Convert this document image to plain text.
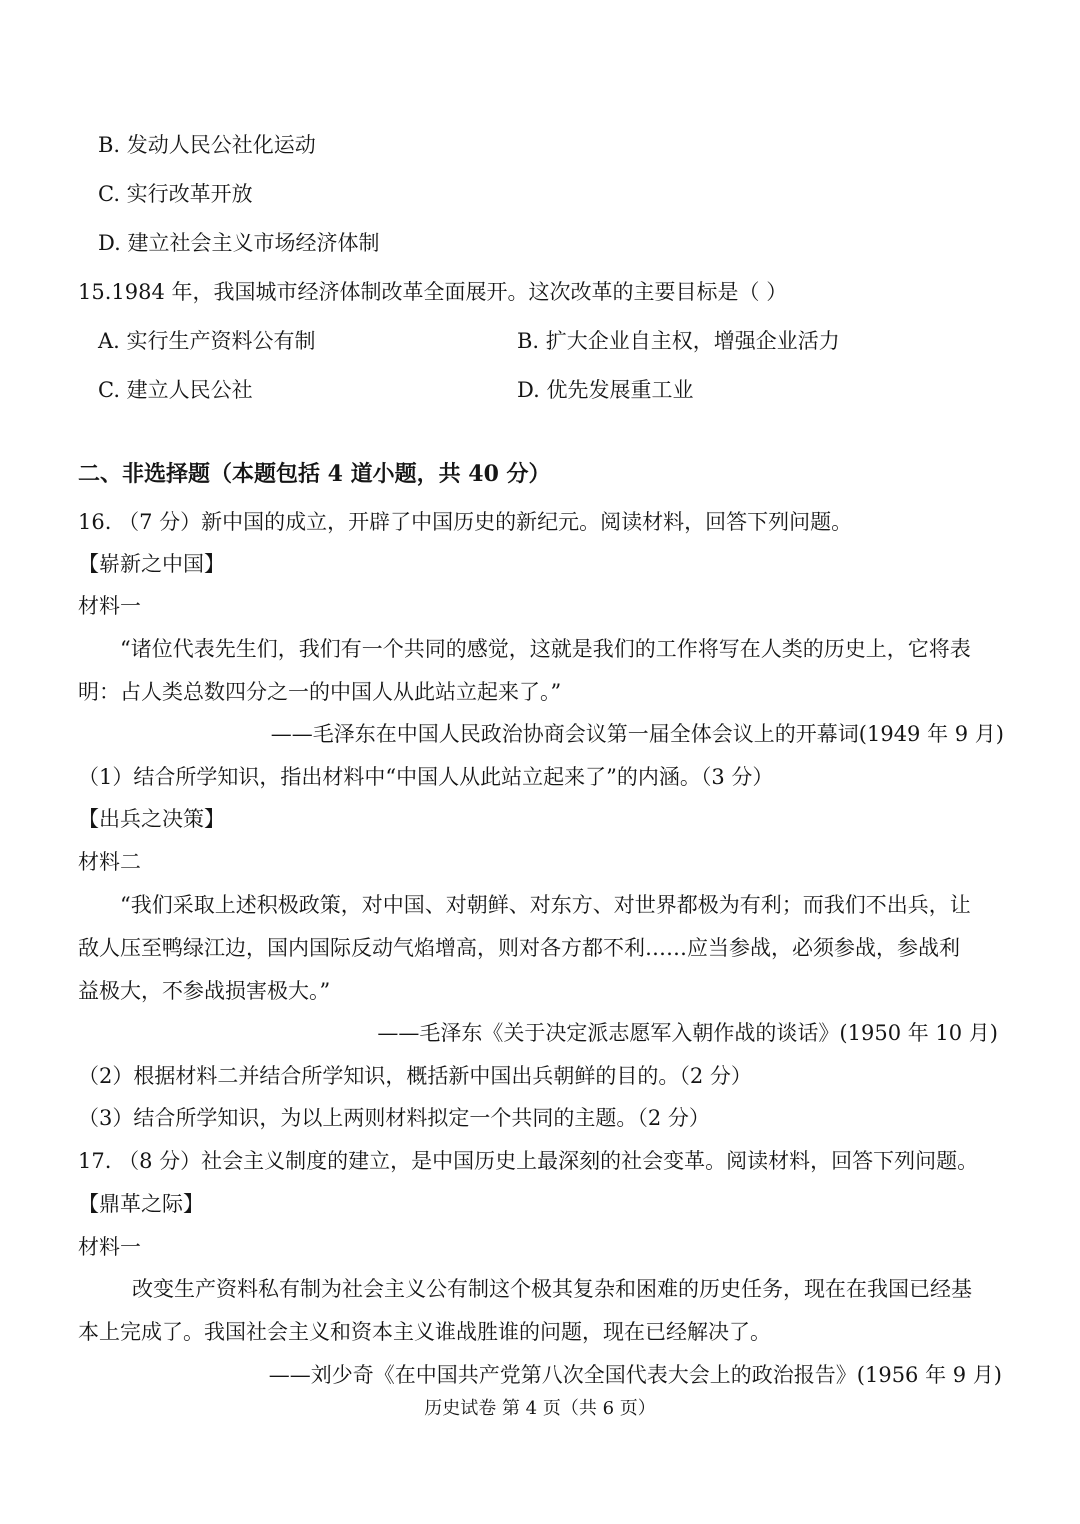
B. 发动人民公社化运动
C. 实行改革开放
D. 建立社会主义市场经济体制
15.1984 年，我国城市经济体制改革全面展开。这次改革的主要目标是（ ）
A. 实行生产资料公有制	B. 扩大企业自主权，增强企业活力
C. 建立人民公社	D. 优先发展重工业
二、非选择题（本题包括 4 道小题，共 40 分）
16. （7 分）新中国的成立，开辟了中国历史的新纪元。阅读材料，回答下列问题。
【崭新之中国】
材料一
“诸位代表先生们，我们有一个共同的感觉，这就是我们的工作将写在人类的历史上，它将表
明：占人类总数四分之一的中国人从此站立起来了。”
——毛泽东在中国人民政治协商会议第一届全体会议上的开幕词(1949 年 9 月)
（1）结合所学知识，指出材料中“中国人从此站立起来了”的内涵。（3 分）
【出兵之决策】
材料二
“我们采取上述积极政策，对中国、对朝鲜、对东方、对世界都极为有利；而我们不出兵，让
敌人压至鸭绿江边，国内国际反动气焰增高，则对各方都不利……应当参战，必须参战，参战利
益极大，不参战损害极大。”
——毛泽东《关于决定派志愿军入朝作战的谈话》(1950 年 10 月)
（2）根据材料二并结合所学知识，概括新中国出兵朝鲜的目的。（2 分）
（3）结合所学知识，为以上两则材料拟定一个共同的主题。（2 分）
17. （8 分）社会主义制度的建立，是中国历史上最深刻的社会变革。阅读材料，回答下列问题。
【鼎革之际】
材料一
改变生产资料私有制为社会主义公有制这个极其复杂和困难的历史任务，现在在我国已经基
本上完成了。我国社会主义和资本主义谁战胜谁的问题，现在已经解决了。
——刘少奇《在中国共产党第八次全国代表大会上的政治报告》(1956 年 9 月)
历史试卷 第 4 页（共 6 页）
